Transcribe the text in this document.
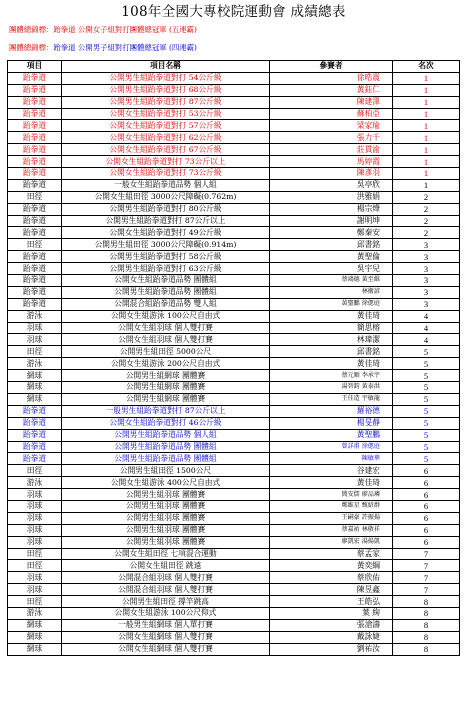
108年全國大專校院運動會 成績總表
團體總錦標：跆拳道 公開女子組對打團體總冠軍 (五連霸)
團體總錦標：跆拳道 公開男子組對打團體總冠軍 (四連霸)
項目	項目名稱	參賽者	名次
跆拳道	公開男生組跆拳道對打 54公斤級	徐晧震	1
跆拳道	公開男生組跆拳道對打 68公斤級	黃鈺仁	1
跆拳道	公開男生組跆拳道對打 87公斤級	陳建澤	1
跆拳道	公開女生組跆拳道對打 53公斤級	蘇柏亞	1
跆拳道	公開女生組跆拳道對打 57公斤級	梁家瑜	1
跆拳道	公開女生組跆拳道對打 62公斤級	張力千	1
跆拳道	公開女生組跆拳道對打 67公斤級	莊貫渝	1
跆拳道	公開女生組跆拳道對打 73公斤以上	馬婷霞	1
跆拳道	公開女生組跆拳道對打 73公斤級	陳彥羽	1
跆拳道	一般女生組跆拳道品勢 個人組	吳亭欣	1
田徑	公開女生組田徑 3000公尺障礙(0.762m)	洪雅娟	2
跆拳道	公開男生組跆拳道對打 80公斤級	楊宗燁	2
跆拳道	公開男生組跆拳道對打 87公斤以上	謝明坤	2
跆拳道	公開女生組跆拳道對打 49公斤級	鄭秦安	2
田徑	公開男生組田徑 3000公尺障礙(0.914m)	邱書銘	3
跆拳道	公開男生組跆拳道對打 58公斤級	黃聖倫	3
跆拳道	公開男生組跆拳道對打 63公斤級	吳宇兒	3
跆拳道	公開女生組跆拳道品勢 團體組	蔡鴻德 黃至維	3
跆拳道	公開男生組跆拳道品勢 團體組	林衛諺	3
跆拳道	公開混合組跆拳道品勢 雙人組	黃聖鵬 徐偲庭	3
游泳	公開女生組游泳 100公尺自由式	黃佳琦	4
羽球	公開女生組羽球 個人雙打賽	簡思榕	4
羽球	公開女生組羽球 個人雙打賽	林瑋潔	4
田徑	公開男生組田徑 5000公尺	邱書銘	5
游泳	公開女生組游泳 200公尺自由式	黃佳琦	5
網球	公開男生組網球 團體賽	蔡元順 李承宇	5
網球	公開男生組網球 團體賽	湯智鈞 黃泰洪	5
網球	公開男生組網球 團體賽	王佳造 宇敏龍	5
跆拳道	一般男生組跆拳道對打 87公斤以上	羅裕德	5
跆拳道	公開女生組跆拳道對打 46公斤級	楊旻靜	5
跆拳道	公開男生組跆拳道品勢 個人組	黃聖鵬	5
跆拳道	公開男生組跆拳道品勢 團體組	曾詳甫 徐偲庭	5
跆拳道	公開男生組跆拳道品勢 團體組	陳敏華	5
田徑	公開男生組田徑 1500公尺	谷建宏	6
游泳	公開女生組游泳 400公尺自由式	黃佳琦	6
羽球	公開男生組羽球 團體賽	簡安儒 廖品璘	6
羽球	公開男生組羽球 團體賽	鄭維星 甄紹群	6
羽球	公開男生組羽球 團體賽	王嗣豪 許振揚	6
羽球	公開男生組羽球 團體賽	蔡嘉祐 林敬祥	6
羽球	公開男生組羽球 團體賽	廖凱宏 湯揚凱	6
田徑	公開女生組田徑 七項混合運動	蔡孟家	7
田徑	公開女生組田徑 跳遠	黃奕綱	7
羽球	公開混合組羽球 個人雙打賽	蔡欣佑	7
羽球	公開混合組羽球 個人雙打賽	陳昱鑫	7
田徑	公開男生組田徑 撐竿跳高	王皓弘	8
游泳	公開女生組游泳 100公尺仰式	葉 絢	8
網球	一般男生組網球 個人單打賽	張滄濤	8
網球	公開女生組網球 個人雙打賽	戴詠婕	8
網球	公開女生組網球 個人雙打賽	劉祐汝	8
